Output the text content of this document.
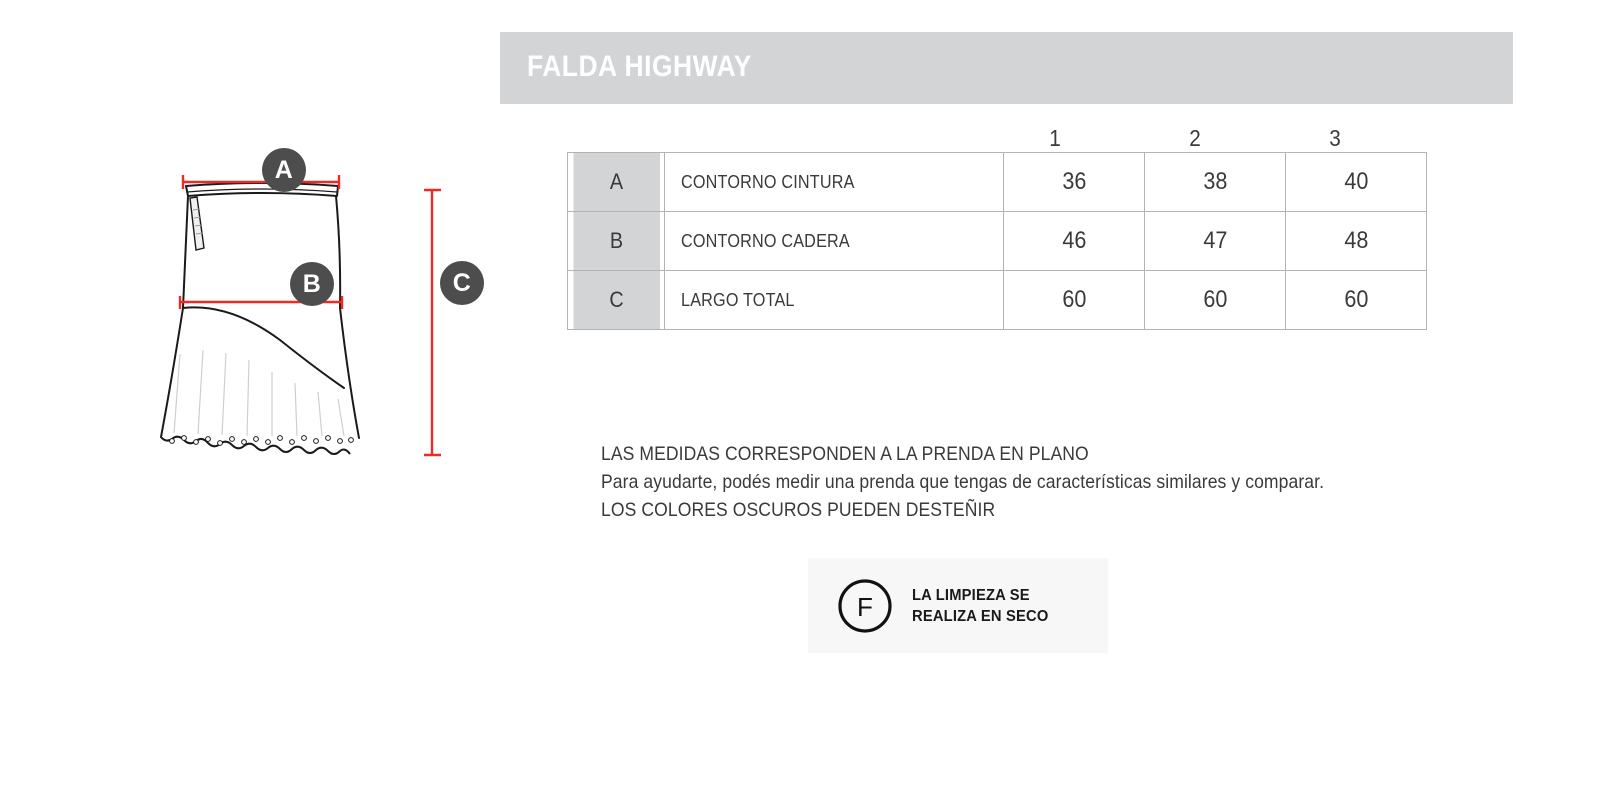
A
B	C
FALDA HIGHWAY
1	2	3
A	CONTORNO CINTURA	36	38	40
B	CONTORNO CADERA	46	47	48
C	LARGO TOTAL	60	60	60
LAS MEDIDAS CORRESPONDEN A LA PRENDA EN PLANO
Para ayudarte, podés medir una prenda que tengas de características similares y comparar.
LOS COLORES OSCUROS PUEDEN DESTEÑIR
F	LA LIMPIEZA SE
REALIZA EN SECO
